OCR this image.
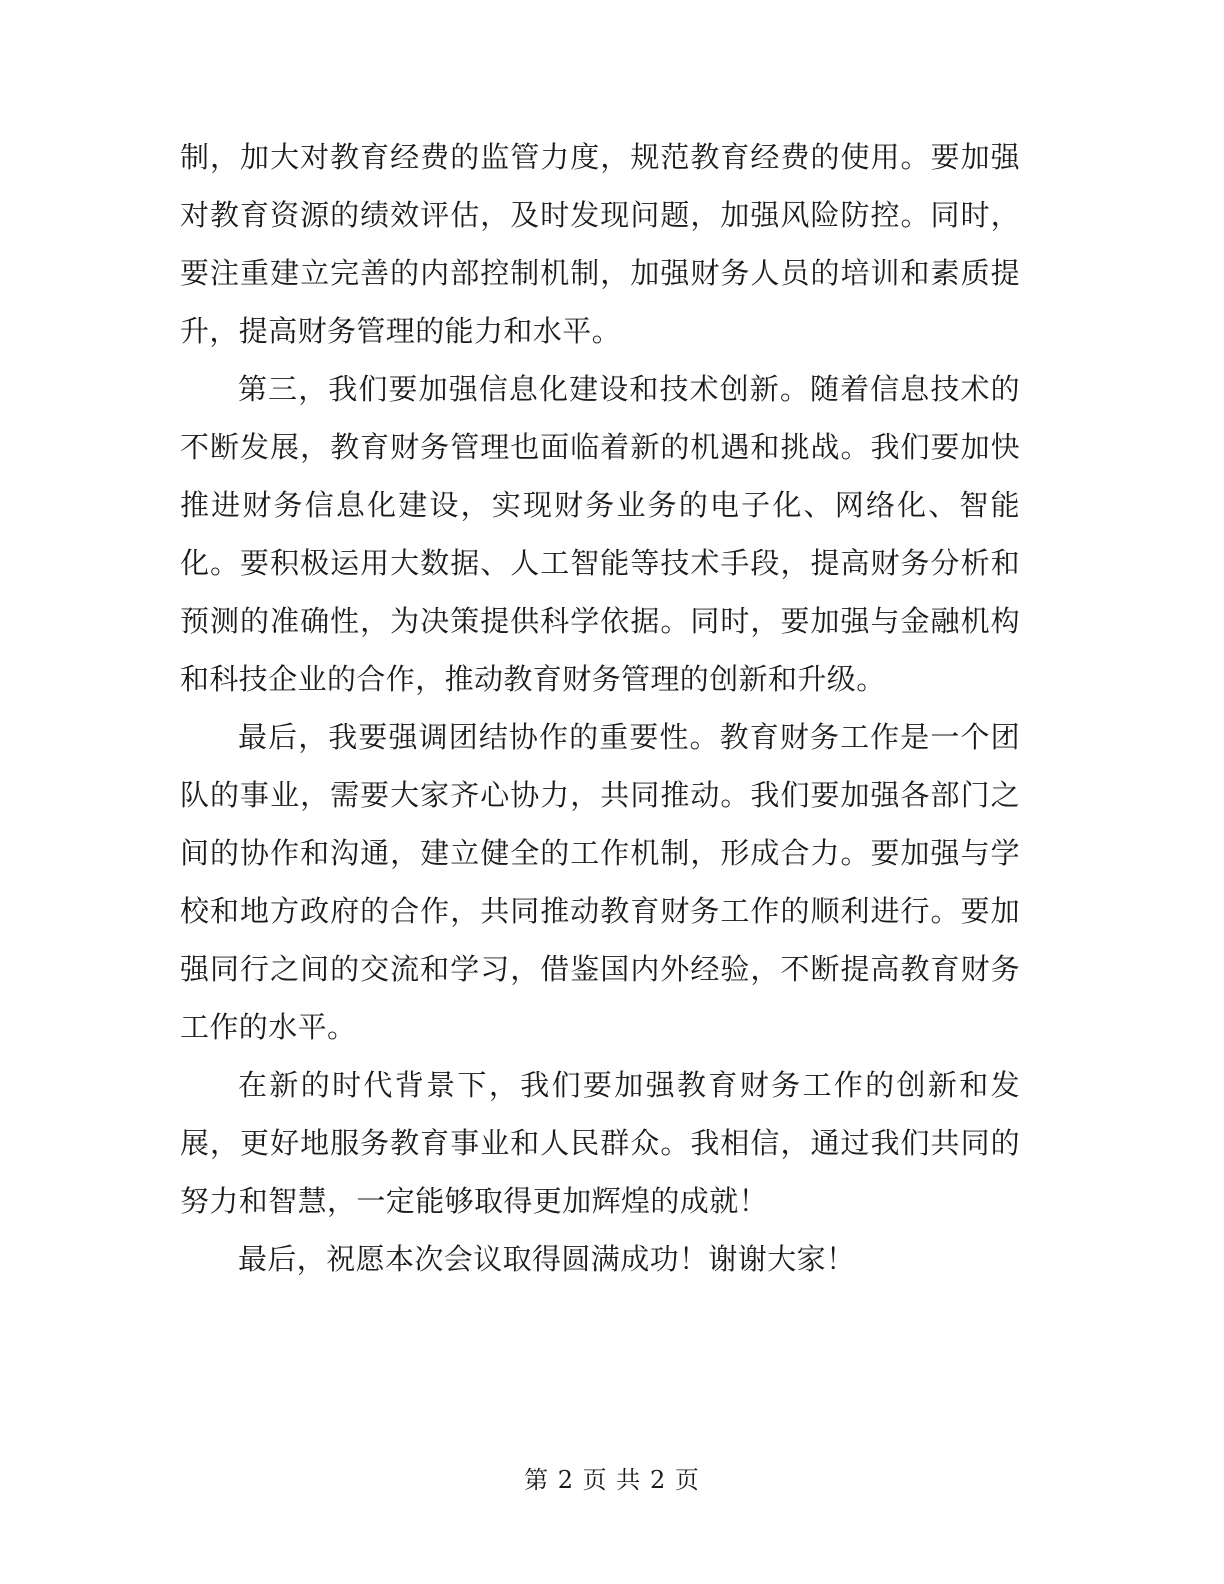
制，加大对教育经费的监管力度，规范教育经费的使用。要加强对教育资源的绩效评估，及时发现问题，加强风险防控。同时，要注重建立完善的内部控制机制，加强财务人员的培训和素质提升，提高财务管理的能力和水平。

第三，我们要加强信息化建设和技术创新。随着信息技术的不断发展，教育财务管理也面临着新的机遇和挑战。我们要加快推进财务信息化建设，实现财务业务的电子化、网络化、智能化。要积极运用大数据、人工智能等技术手段，提高财务分析和预测的准确性，为决策提供科学依据。同时，要加强与金融机构和科技企业的合作，推动教育财务管理的创新和升级。

最后，我要强调团结协作的重要性。教育财务工作是一个团队的事业，需要大家齐心协力，共同推动。我们要加强各部门之间的协作和沟通，建立健全的工作机制，形成合力。要加强与学校和地方政府的合作，共同推动教育财务工作的顺利进行。要加强同行之间的交流和学习，借鉴国内外经验，不断提高教育财务工作的水平。

在新的时代背景下，我们要加强教育财务工作的创新和发展，更好地服务教育事业和人民群众。我相信，通过我们共同的努力和智慧，一定能够取得更加辉煌的成就！

最后，祝愿本次会议取得圆满成功！谢谢大家！

第 2 页 共 2 页
